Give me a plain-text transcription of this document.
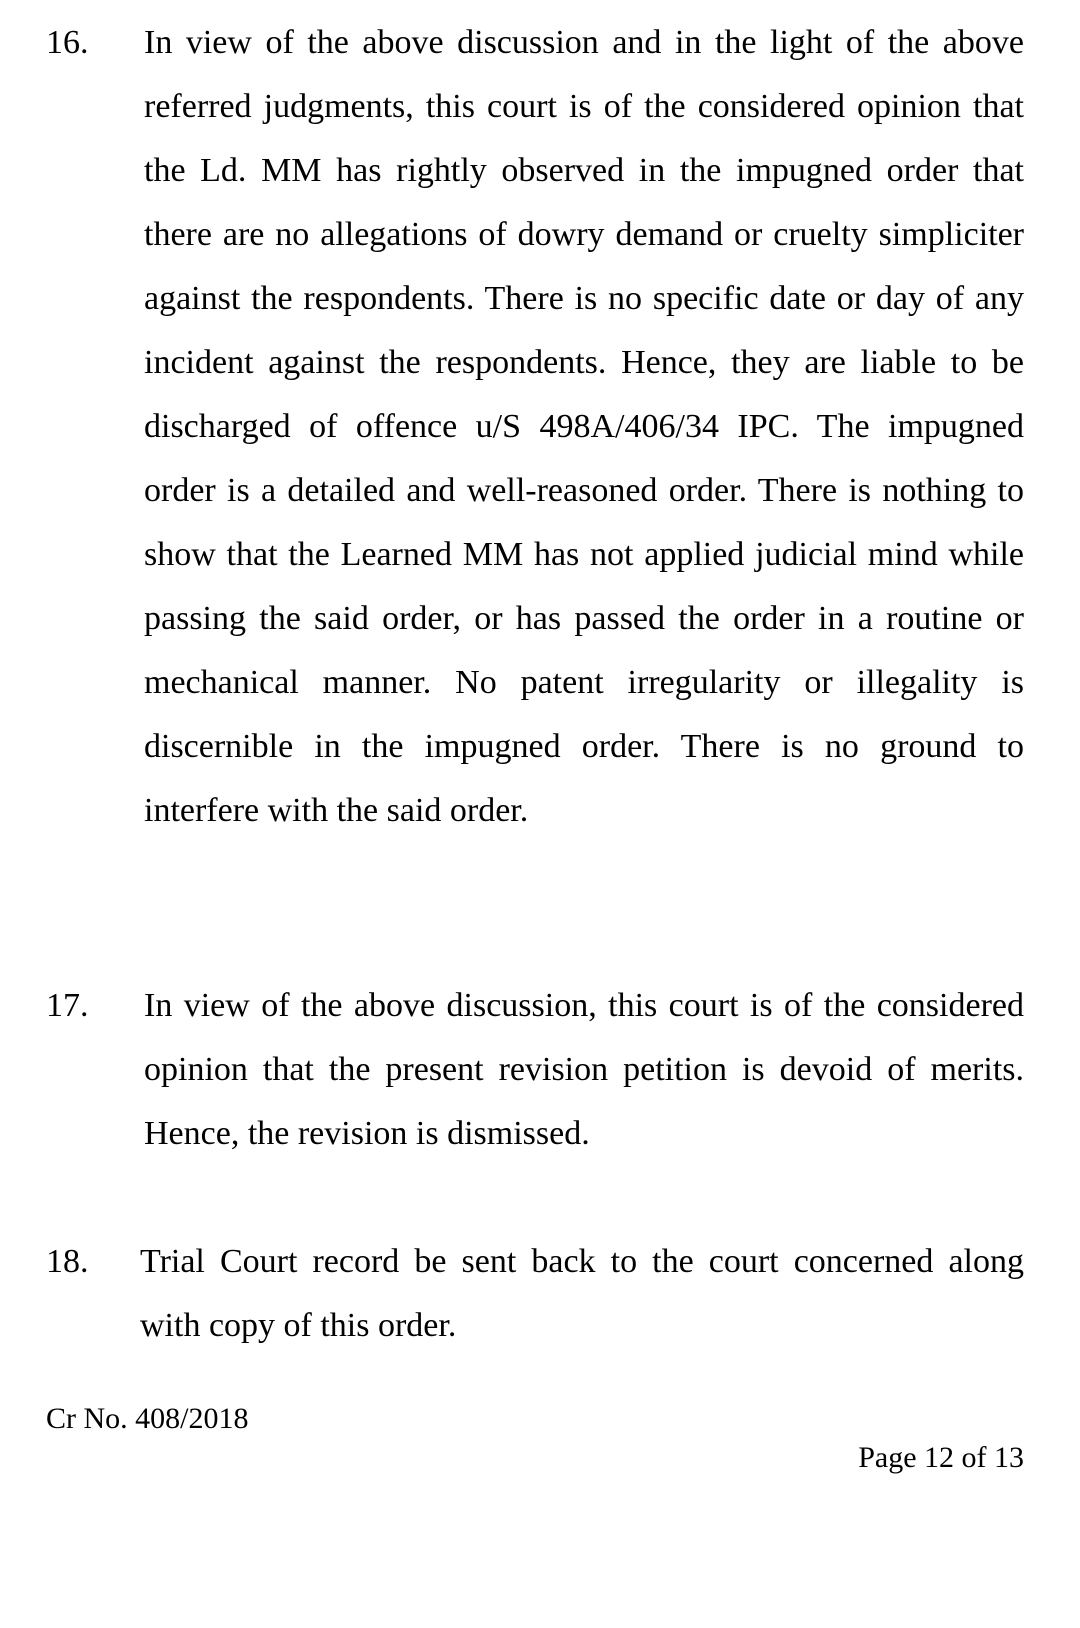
16. In view of the above discussion and in the light of the above referred judgments, this court is of the considered opinion that the Ld. MM has rightly observed in the impugned order that there are no allegations of dowry demand or cruelty simpliciter against the respondents. There is no specific date or day of any incident against the respondents. Hence, they are liable to be discharged of offence u/S 498A/406/34 IPC. The impugned order is a detailed and well-reasoned order. There is nothing to show that the Learned MM has not applied judicial mind while passing the said order, or has passed the order in a routine or mechanical manner. No patent irregularity or illegality is discernible in the impugned order. There is no ground to interfere with the said order.

17. In view of the above discussion, this court is of the considered opinion that the present revision petition is devoid of merits. Hence, the revision is dismissed.

18. Trial Court record be sent back to the court concerned along with copy of this order.

Cr No. 408/2018
Page 12 of 13
